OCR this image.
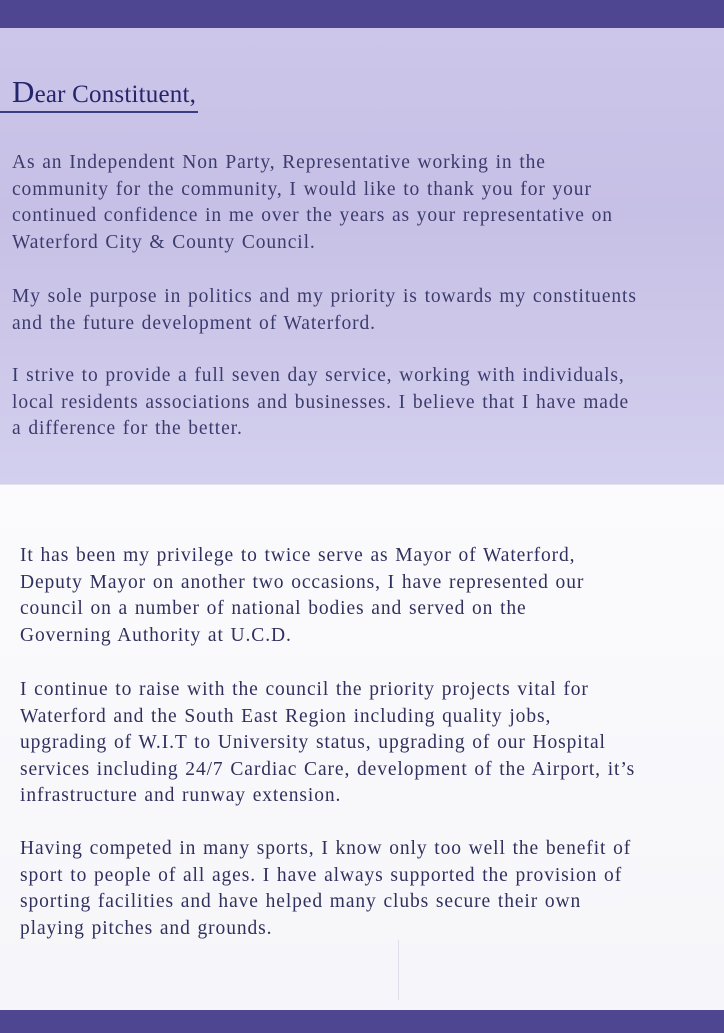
Dear Constituent,

As an Independent Non Party, Representative working in the
community for the community, I would like to thank you for your
continued confidence in me over the years as your representative on
Waterford City & County Council.

My sole purpose in politics and my priority is towards my constituents
and the future development of Waterford.

I strive to provide a full seven day service, working with individuals,
local residents associations and businesses. I believe that I have made
a difference for the better.

It has been my privilege to twice serve as Mayor of Waterford,
Deputy Mayor on another two occasions, I have represented our
council on a number of national bodies and served on the
Governing Authority at U.C.D.

I continue to raise with the council the priority projects vital for
Waterford and the South East Region including quality jobs,
upgrading of W.I.T to University status, upgrading of our Hospital
services including 24/7 Cardiac Care, development of the Airport, it’s
infrastructure and runway extension.

Having competed in many sports, I know only too well the benefit of
sport to people of all ages. I have always supported the provision of
sporting facilities and have helped many clubs secure their own
playing pitches and grounds.
